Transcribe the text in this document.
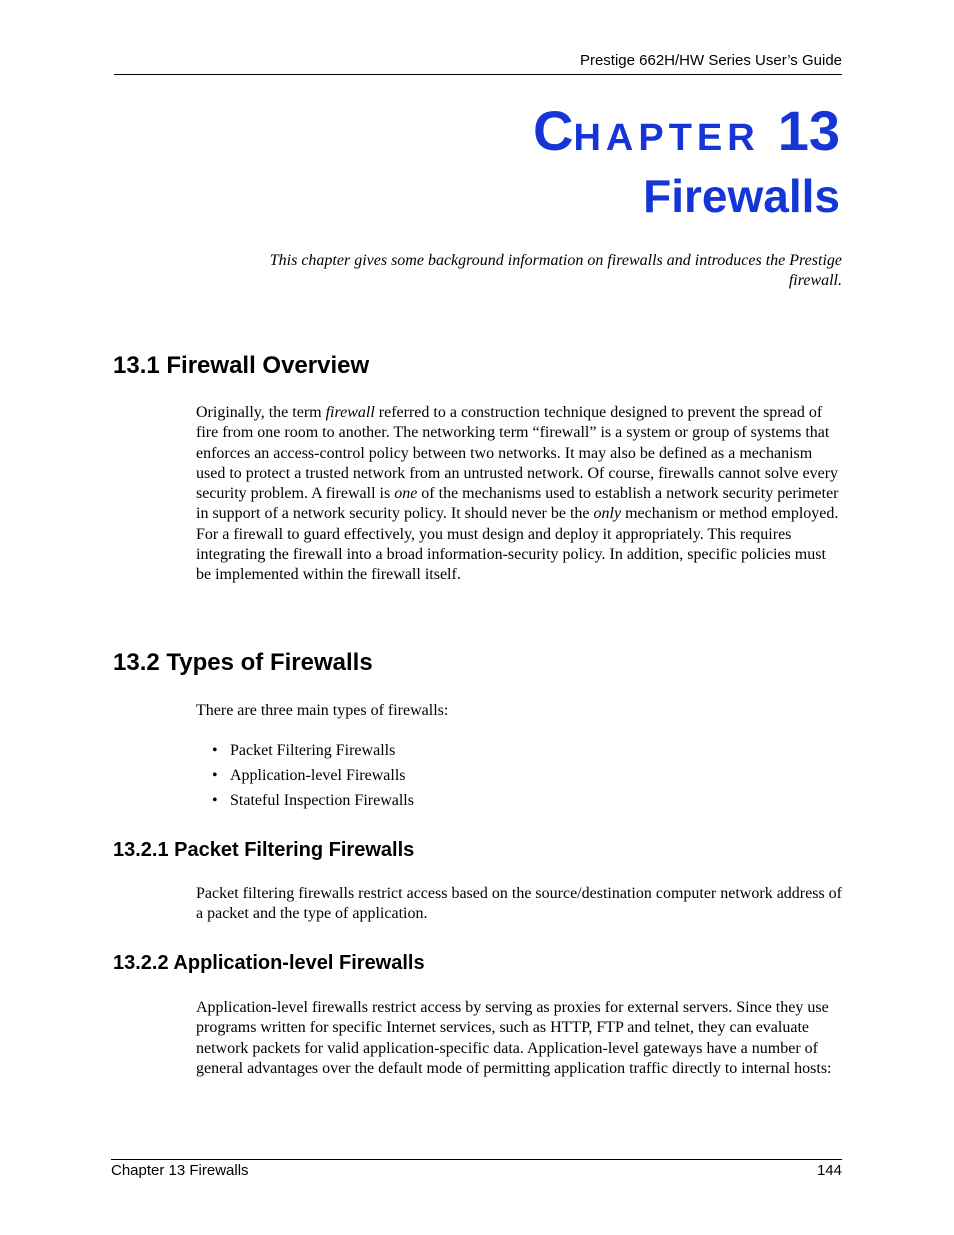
Prestige 662H/HW Series User’s Guide
CHAPTER 13
Firewalls
This chapter gives some background information on firewalls and introduces the Prestige
firewall.
13.1 Firewall Overview
Originally, the term firewall referred to a construction technique designed to prevent the spread of fire from one room to another. The networking term “firewall” is a system or group of systems that enforces an access-control policy between two networks. It may also be defined as a mechanism used to protect a trusted network from an untrusted network. Of course, firewalls cannot solve every security problem. A firewall is one of the mechanisms used to establish a network security perimeter in support of a network security policy. It should never be the only mechanism or method employed. For a firewall to guard effectively, you must design and deploy it appropriately. This requires integrating the firewall into a broad information-security policy. In addition, specific policies must be implemented within the firewall itself.
13.2 Types of Firewalls
There are three main types of firewalls:
• Packet Filtering Firewalls
• Application-level Firewalls
• Stateful Inspection Firewalls
13.2.1 Packet Filtering Firewalls
Packet filtering firewalls restrict access based on the source/destination computer network address of a packet and the type of application.
13.2.2 Application-level Firewalls
Application-level firewalls restrict access by serving as proxies for external servers. Since they use programs written for specific Internet services, such as HTTP, FTP and telnet, they can evaluate network packets for valid application-specific data. Application-level gateways have a number of general advantages over the default mode of permitting application traffic directly to internal hosts:
Chapter 13 Firewalls	144
